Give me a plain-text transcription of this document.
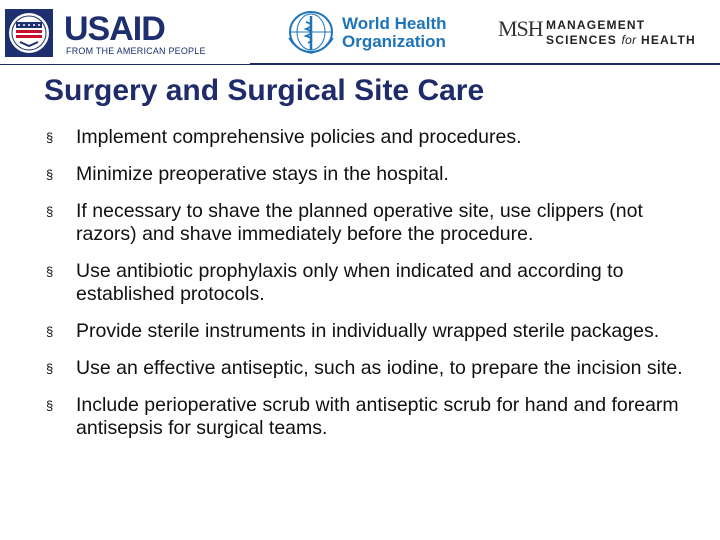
USAID
FROM THE AMERICAN PEOPLE
World Health
Organization
MSH MANAGEMENT
SCIENCES for HEALTH
Surgery and Surgical Site Care
§ Implement comprehensive policies and procedures.
§ Minimize preoperative stays in the hospital.
§ If necessary to shave the planned operative site, use clippers (not razors) and shave immediately before the procedure.
§ Use antibiotic prophylaxis only when indicated and according to established protocols.
§ Provide sterile instruments in individually wrapped sterile packages.
§ Use an effective antiseptic, such as iodine, to prepare the incision site.
§ Include perioperative scrub with antiseptic scrub for hand and forearm antisepsis for surgical teams.
